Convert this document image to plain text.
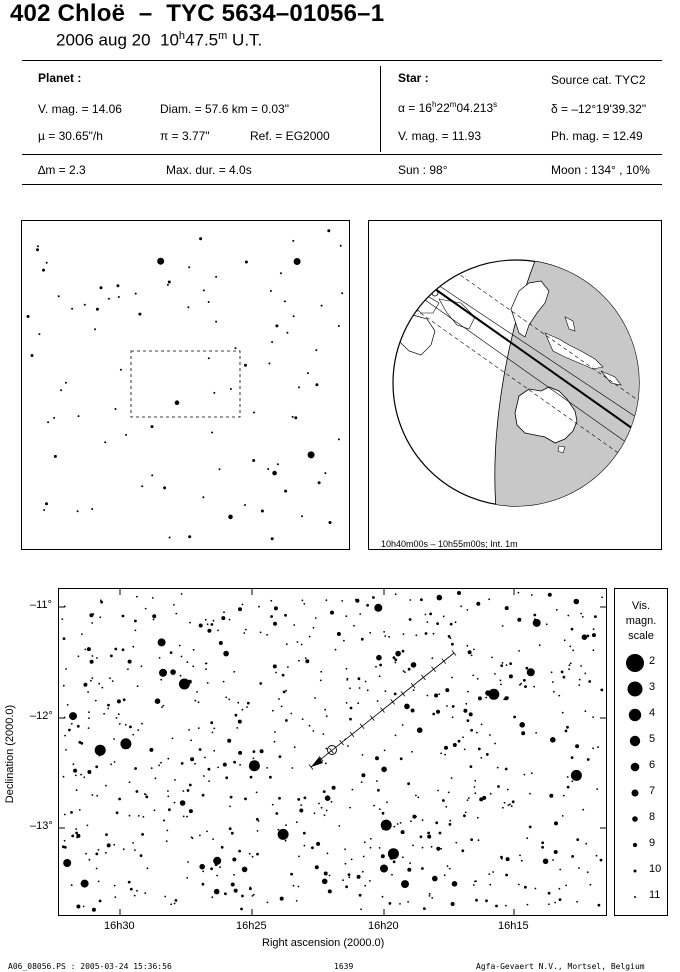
402 Chloë  –  TYC 5634–01056–1
2006 aug 20 10$^h$47.5$^m$ U.T.
Planet :
V. mag. = 14.06	Diam. = 57.6 km = 0.03"
µ = 30.65"/h	π = 3.77"	Ref. = EG2000
Star :	Source cat. TYC2
$\alpha = 16^h22^m04.213^s$	δ = –12°19'39.32"
V. mag. = 11.93	Ph. mag. = 12.49
∆m = 2.3	Max. dur. = 4.0s	Sun : 98°	Moon : 134° , 10%
10h40m00s – 10h55m00s; Int. 1m
–11°
–12°
–13°
16h30	16h25	16h20	16h15
Right ascension (2000.0)
Declination (2000.0)
Vis.
magn.
scale
2
3
4
5
6
7
8
9
10
11
A06_08056.PS : 2005-03-24 15:36:56	1639	Agfa-Gevaert N.V., Mortsel, Belgium
